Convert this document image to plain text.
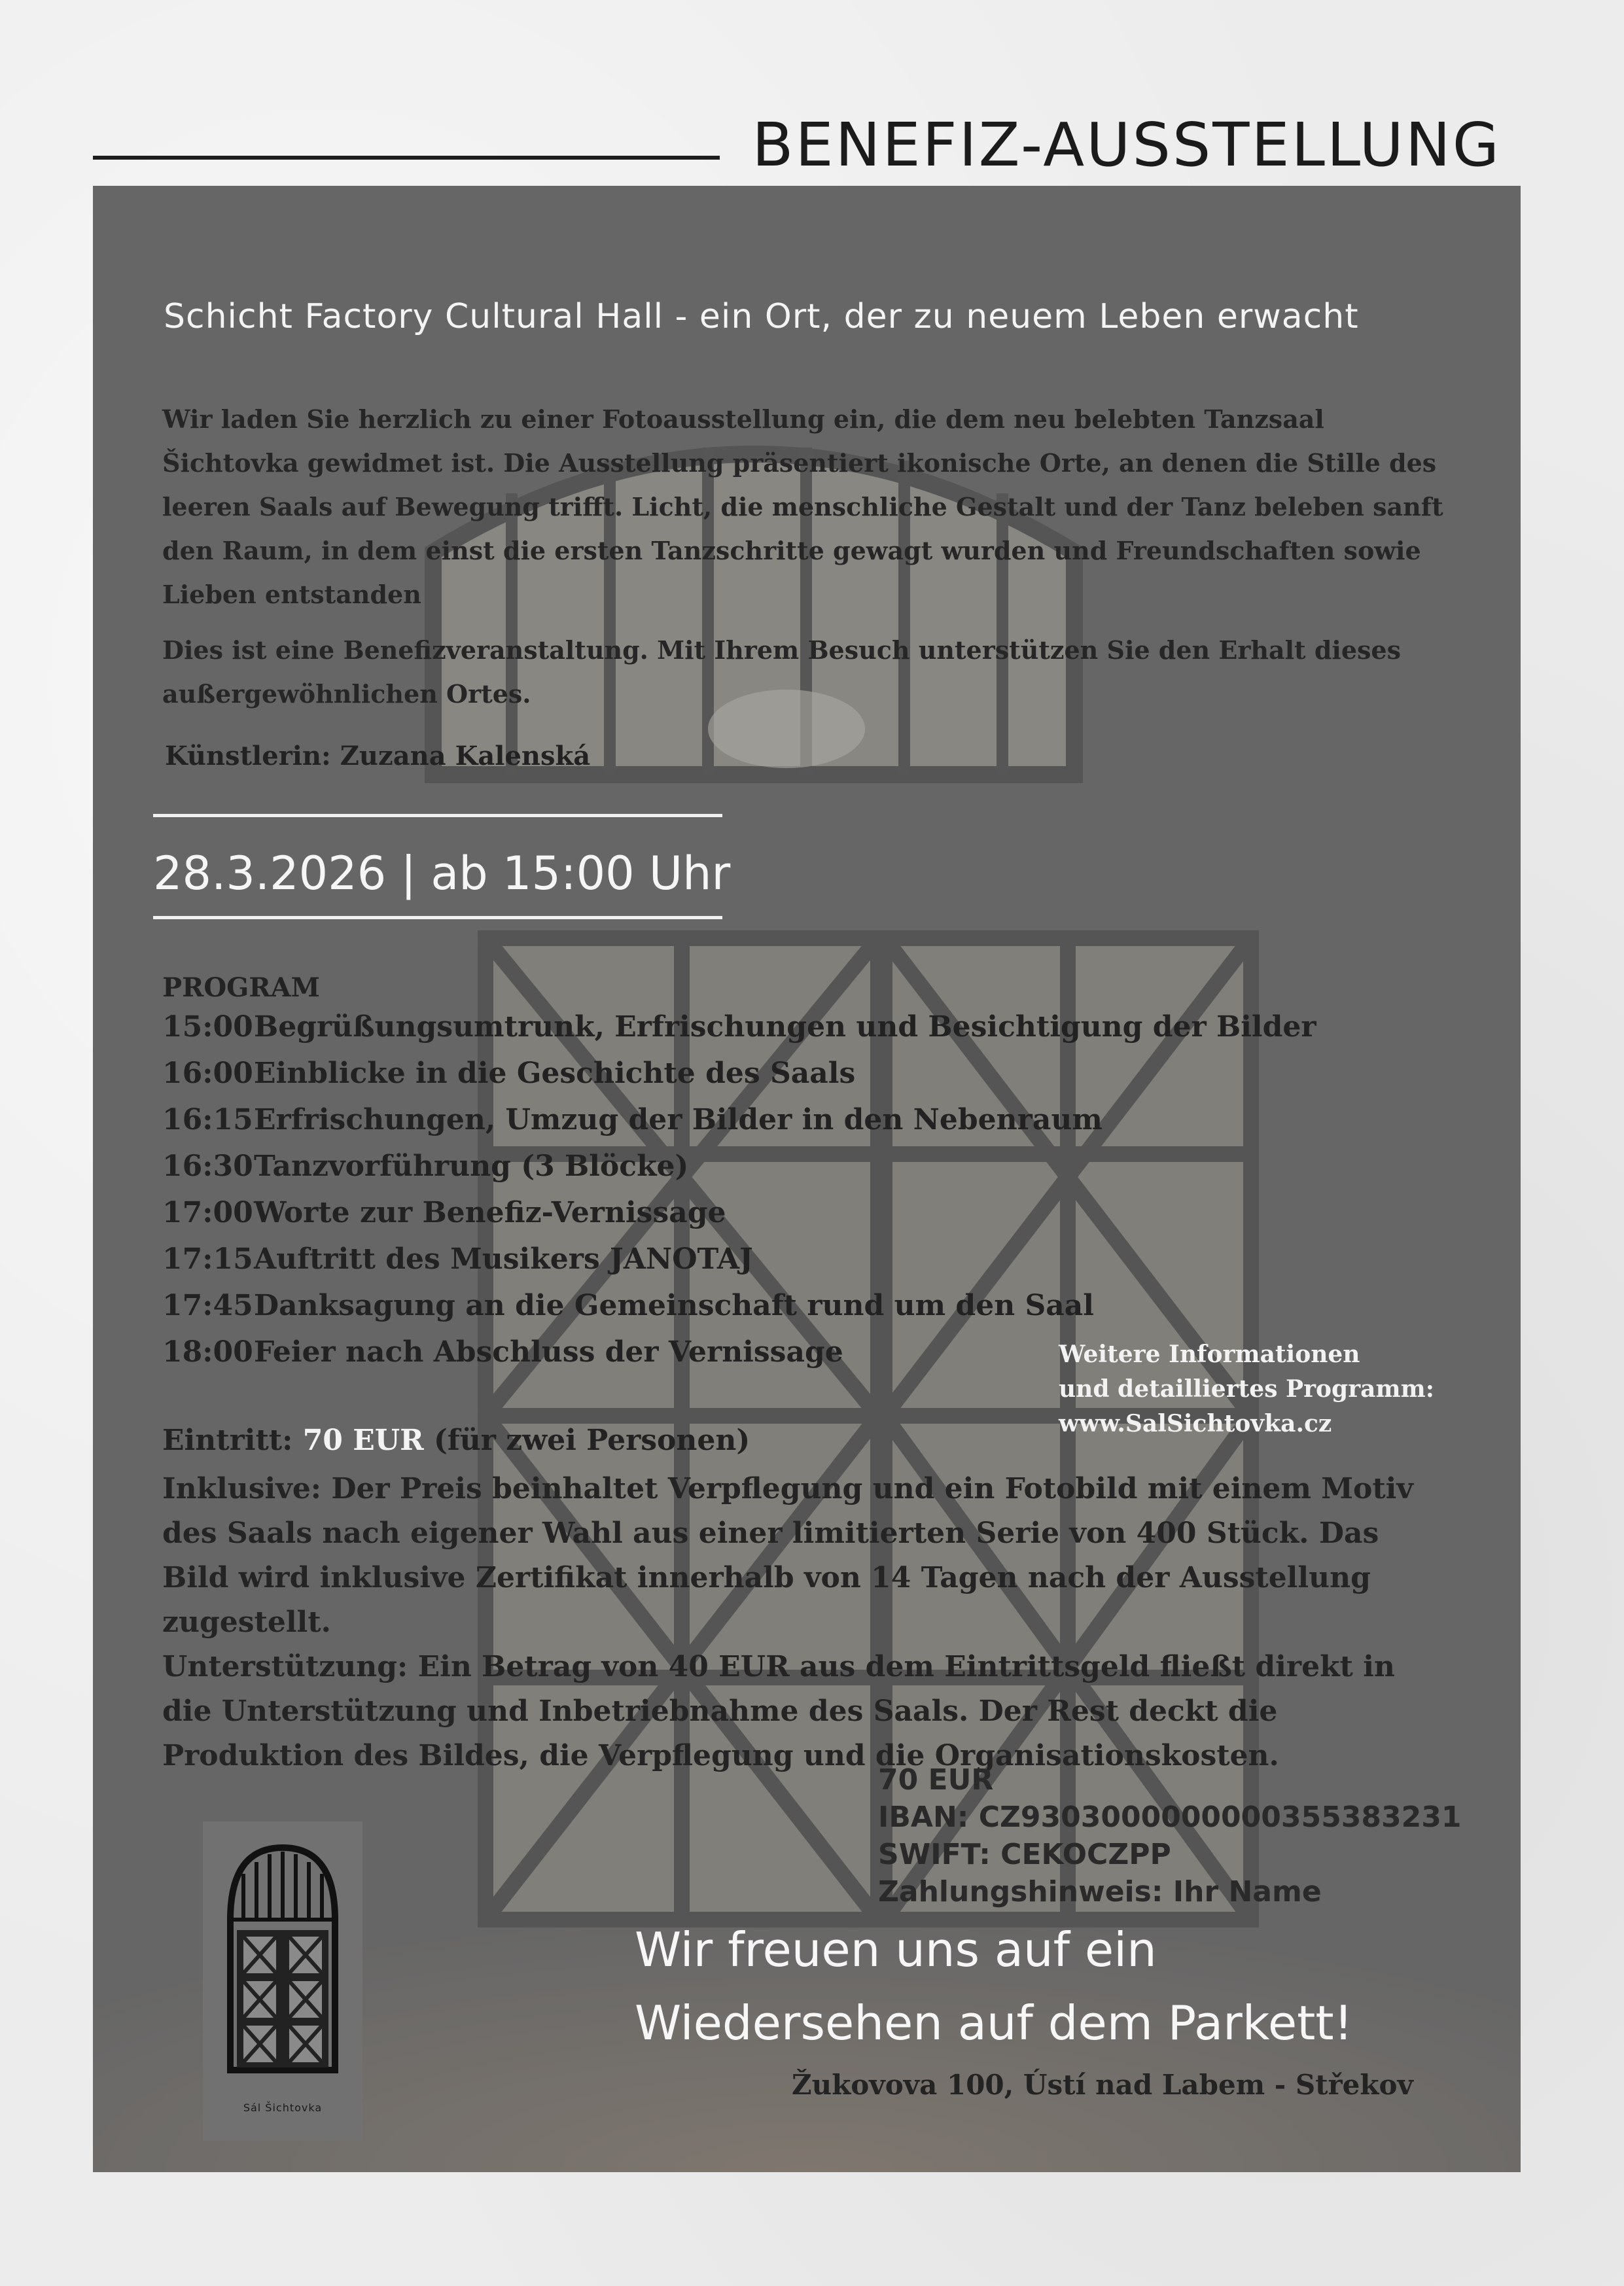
BENEFIZ-AUSSTELLUNG
Schicht Factory Cultural Hall - ein Ort, der zu neuem Leben erwacht
Wir laden Sie herzlich zu einer Fotoausstellung ein, die dem neu belebten Tanzsaal Šichtovka gewidmet ist. Die Ausstellung präsentiert ikonische Orte, an denen die Stille des leeren Saals auf Bewegung trifft. Licht, die menschliche Gestalt und der Tanz beleben sanft den Raum, in dem einst die ersten Tanzschritte gewagt wurden und Freundschaften sowie Lieben entstanden
Dies ist eine Benefizveranstaltung. Mit Ihrem Besuch unterstützen Sie den Erhalt dieses außergewöhnlichen Ortes.
Künstlerin: Zuzana Kalenská
28.3.2026 | ab 15:00 Uhr
PROGRAM
15:00Begrüßungsumtrunk, Erfrischungen und Besichtigung der Bilder
16:00Einblicke in die Geschichte des Saals
16:15Erfrischungen, Umzug der Bilder in den Nebenraum
16:30Tanzvorführung (3 Blöcke)
17:00Worte zur Benefiz-Vernissage
17:15Auftritt des Musikers JANOTAJ
17:45Danksagung an die Gemeinschaft rund um den Saal
18:00Feier nach Abschluss der Vernissage	Weitere Informationen
und detailliertes Programm:
www.SalSichtovka.cz
Eintritt: 70 EUR (für zwei Personen)
Inklusive: Der Preis beinhaltet Verpflegung und ein Fotobild mit einem Motiv des Saals nach eigener Wahl aus einer limitierten Serie von 400 Stück. Das Bild wird inklusive Zertifikat innerhalb von 14 Tagen nach der Ausstellung zugestellt.
Unterstützung: Ein Betrag von 40 EUR aus dem Eintrittsgeld fließt direkt in die Unterstützung und Inbetriebnahme des Saals. Der Rest deckt die Produktion des Bildes, die Verpflegung und die Organisationskosten.
70 EUR
IBAN: CZ9303000000000355383231
SWIFT: CEKOCZPP
Zahlungshinweis: Ihr Name
Sál Šichtovka
Wir freuen uns auf ein
Wiedersehen auf dem Parkett!
Žukovova 100, Ústí nad Labem - Střekov
